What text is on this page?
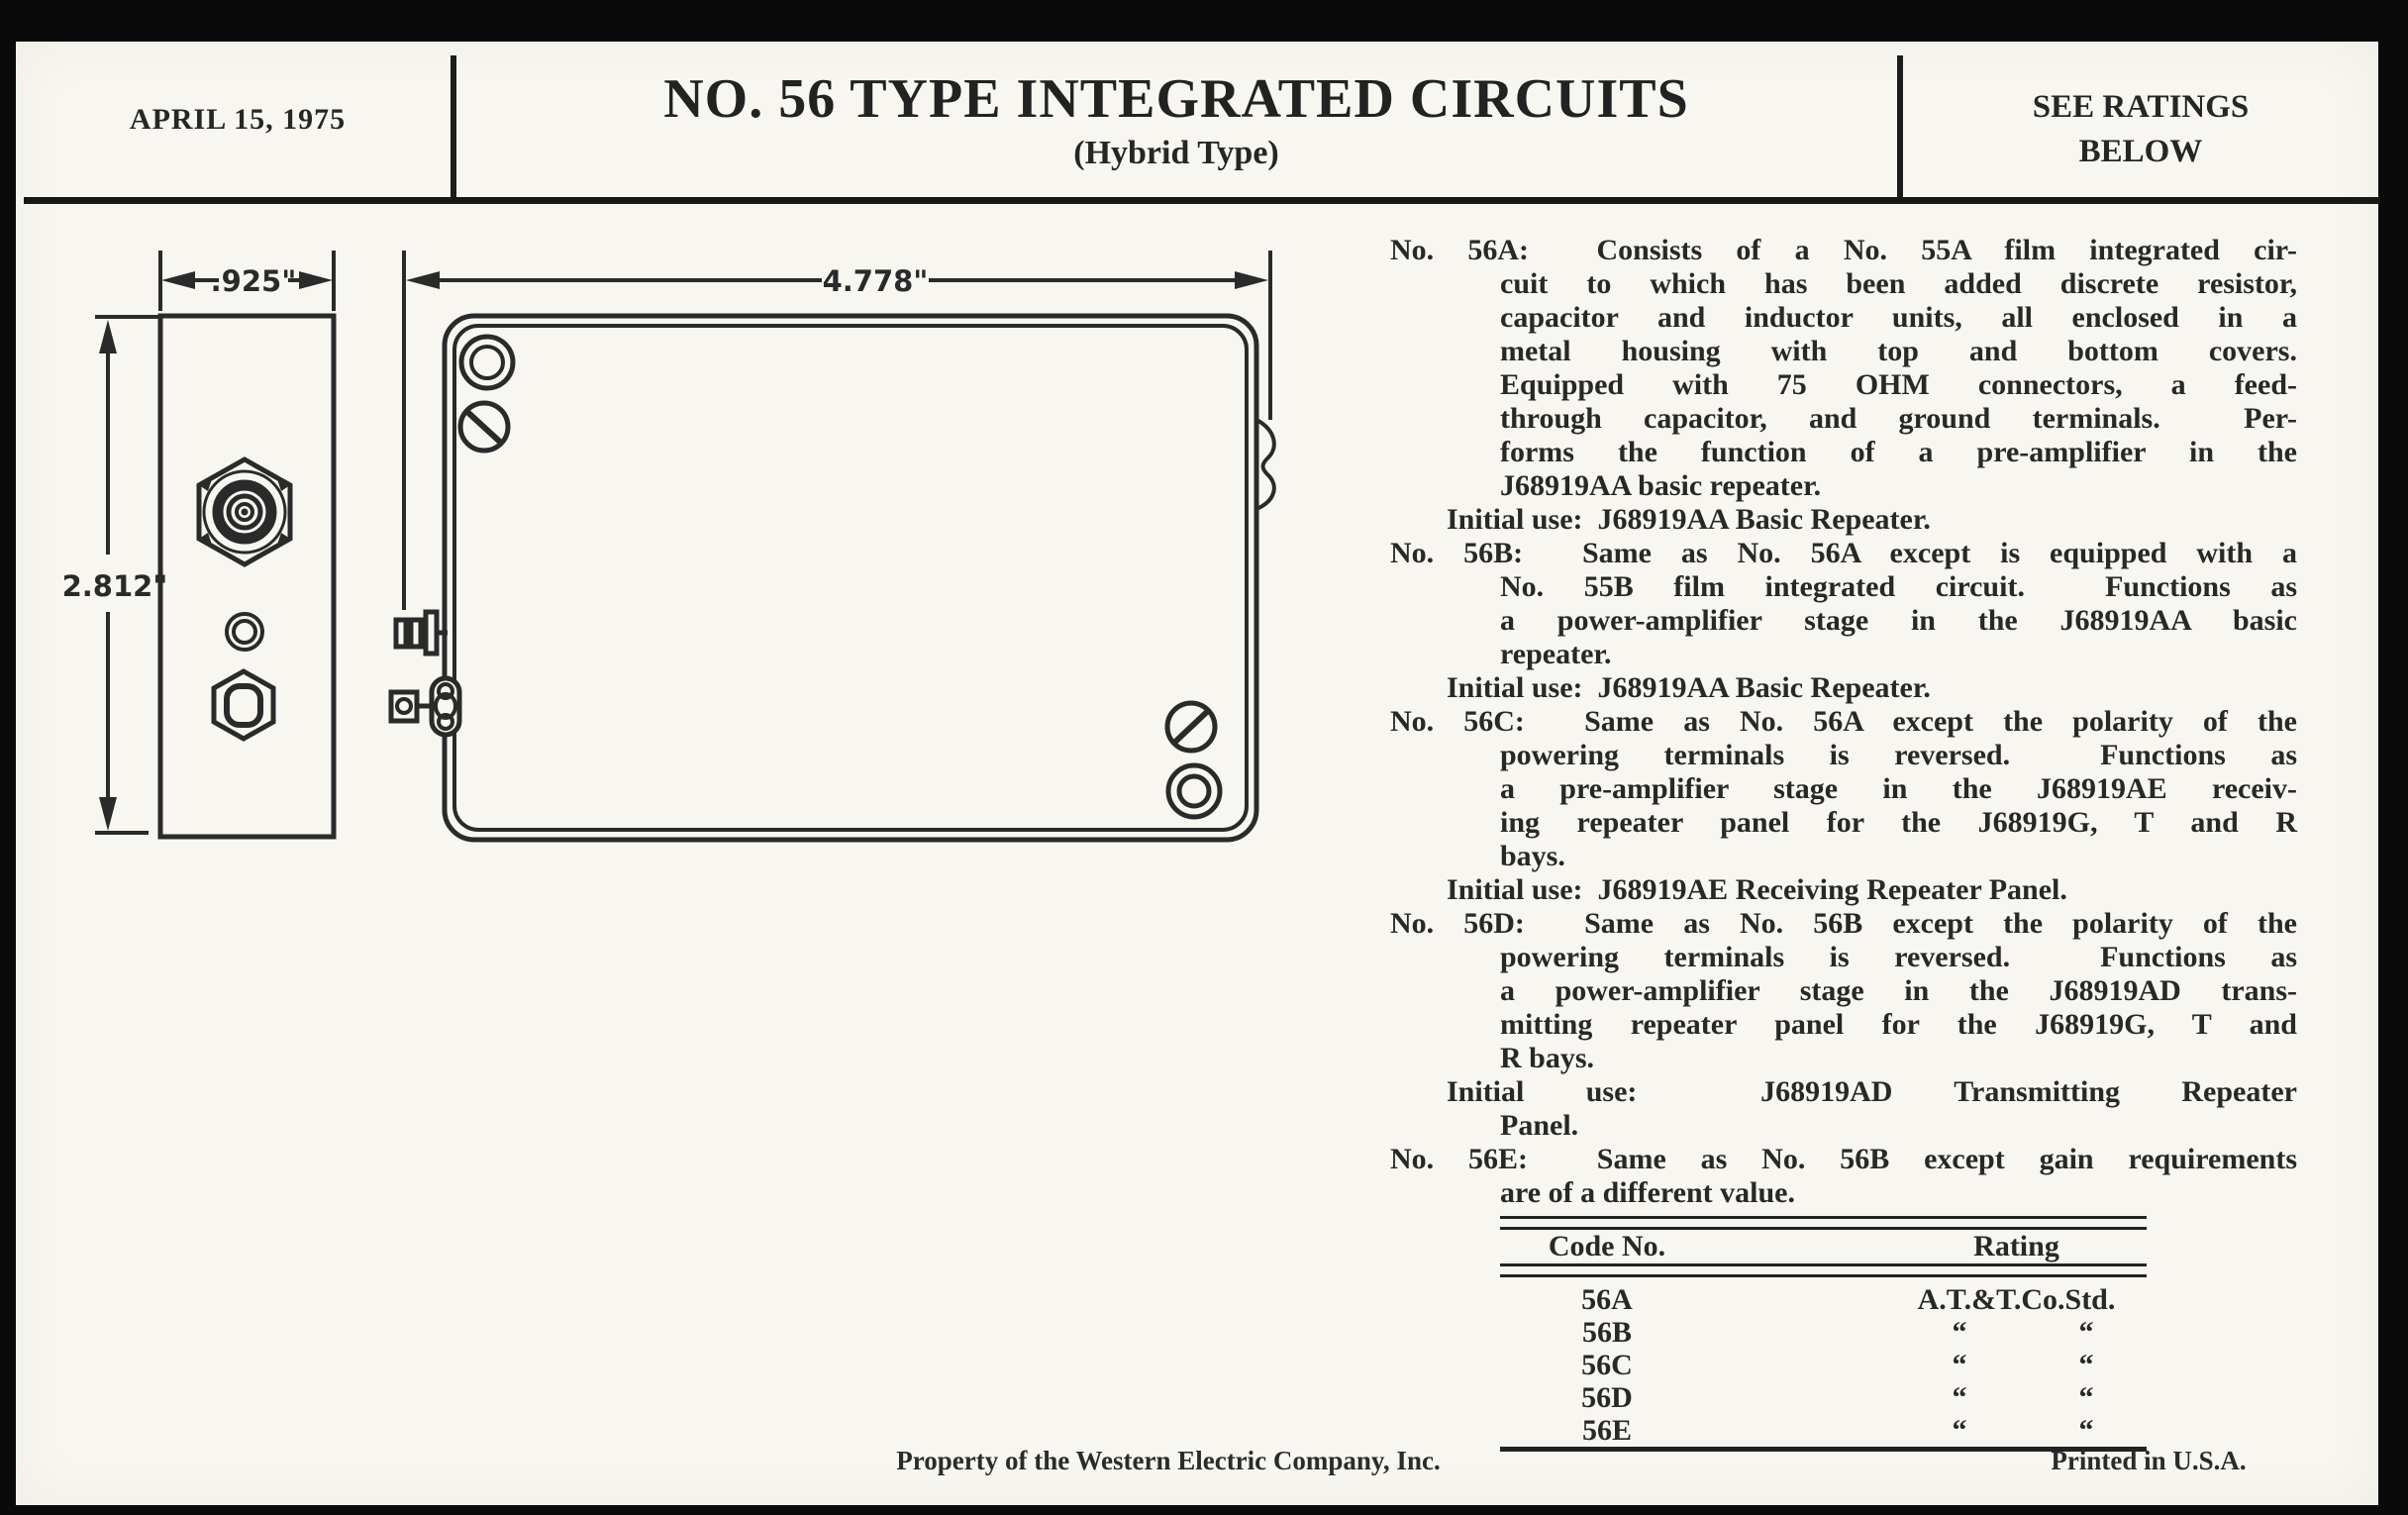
APRIL 15, 1975	NO. 56 TYPE INTEGRATED CIRCUITS
(Hybrid Type)
SEE RATINGS
BELOW
.925"
2.812"
4.778"
No. 56A:  Consists of a No. 55A film integrated cir-
cuit to which has been added discrete resistor,
capacitor and inductor units, all enclosed in a
metal housing with top and bottom covers.
Equipped with 75 OHM connectors, a feed-
through capacitor, and ground terminals.  Per-
forms the function of a pre-amplifier in the
J68919AA basic repeater.
Initial use:  J68919AA Basic Repeater.
No. 56B:  Same as No. 56A except is equipped with a
No. 55B film integrated circuit.  Functions as
a power-amplifier stage in the J68919AA basic
repeater.
Initial use:  J68919AA Basic Repeater.
No. 56C:  Same as No. 56A except the polarity of the
powering terminals is reversed.  Functions as
a pre-amplifier stage in the J68919AE receiv-
ing repeater panel for the J68919G, T and R
bays.
Initial use:  J68919AE Receiving Repeater Panel.
No. 56D:  Same as No. 56B except the polarity of the
powering terminals is reversed.  Functions as
a power-amplifier stage in the J68919AD trans-
mitting repeater panel for the J68919G, T and
R bays.
Initial use:  J68919AD Transmitting Repeater
Panel.
No. 56E:  Same as No. 56B except gain requirements
are of a different value.
Code No.	Rating
56A	A.T.&T.Co.Std.
56B	“	“
56C	“	“
56D	“	“
56E	“	“
Property of the Western Electric Company, Inc.	Printed in U.S.A.
